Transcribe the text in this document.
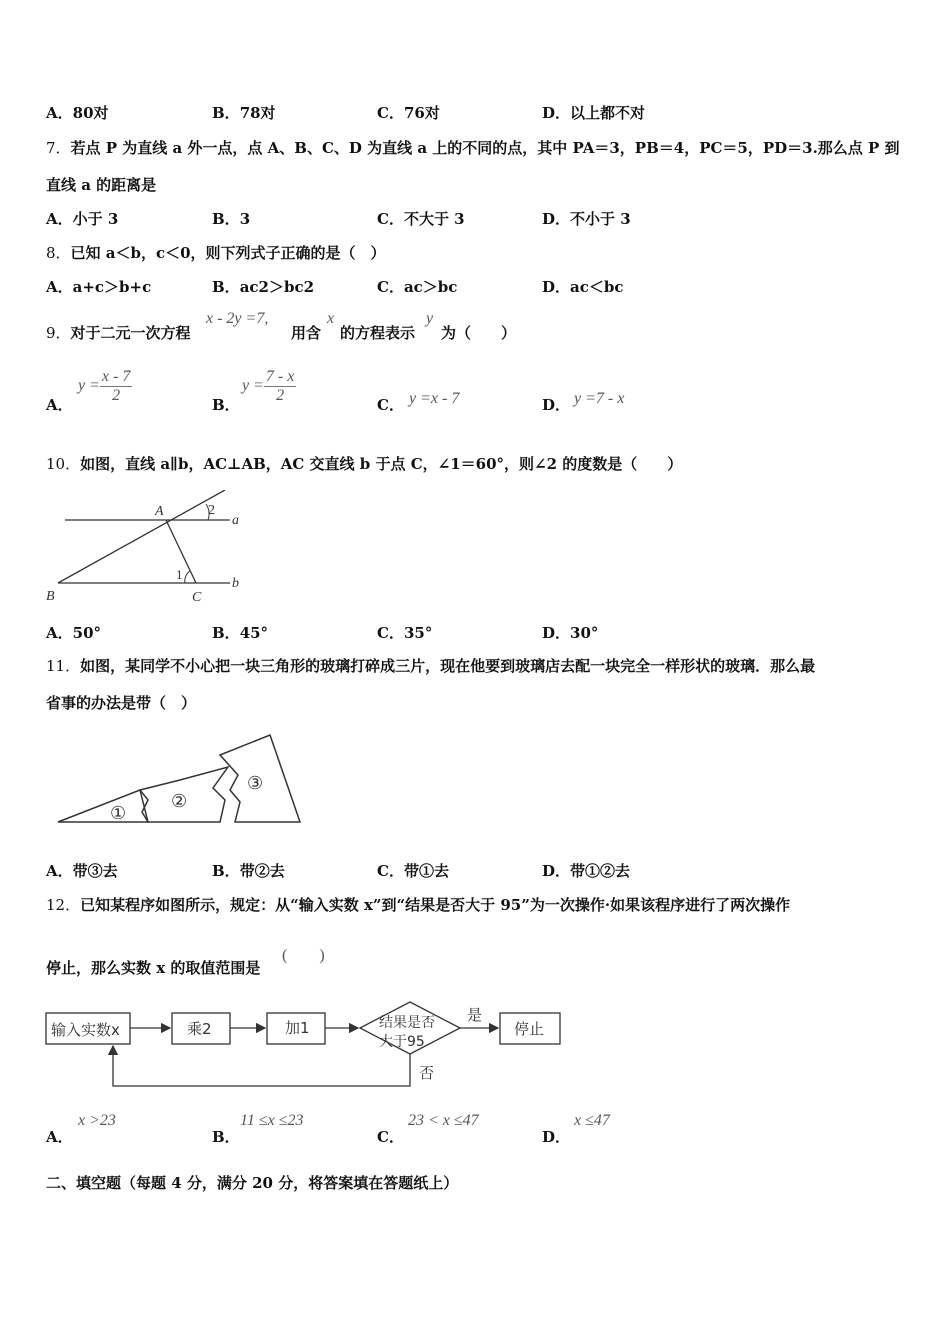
A．80对	B．78对	C．76对	D．以上都不对
7．若点 P 为直线 a 外一点，点 A、B、C、D 为直线 a 上的不同的点，其中 PA＝3，PB＝4，PC＝5，PD＝3.那么点 P 到
直线 a 的距离是
A．小于 3	B．3	C．不大于 3	D．不小于 3
8．已知 a＜b，c＜0，则下列式子正确的是（　）
A．a+c＞b+c	B．ac2＞bc2	C．ac＞bc	D．ac＜bc
9．对于二元一次方程
x - 2y =7,
用含
x
的方程表示
y
为（　　）
A．
$y = \frac{x - 7}{2}$	B．
$y = \frac{7 - x}{2}$	C． y =x - 7	D． y =7 - x
10．如图，直线 a∥b，AC⊥AB，AC 交直线 b 于点 C，∠1＝60°，则∠2 的度数是（　　）
A	2
a
1
b
B	C
A．50°	B．45°	C．35°	D．30°
11．如图，某同学不小心把一块三角形的玻璃打碎成三片，现在他要到玻璃店去配一块完全一样形状的玻璃．那么最
省事的办法是带（　）
①
②
③
A．带③去	B．带②去	C．带①去	D．带①②去
12．已知某程序如图所示，规定：从“输入实数 x”到“结果是否大于 95”为一次操作·如果该程序进行了两次操作
停止，那么实数 x 的取值范围是
(　　)
输入实数x	乘2	加1	结果是否
大于95
是
停止
否
A．
x >23
B．
11 ≤x ≤23
C．
23 < x ≤47
D．
x ≤47
二、填空题（每题 4 分，满分 20 分，将答案填在答题纸上）
